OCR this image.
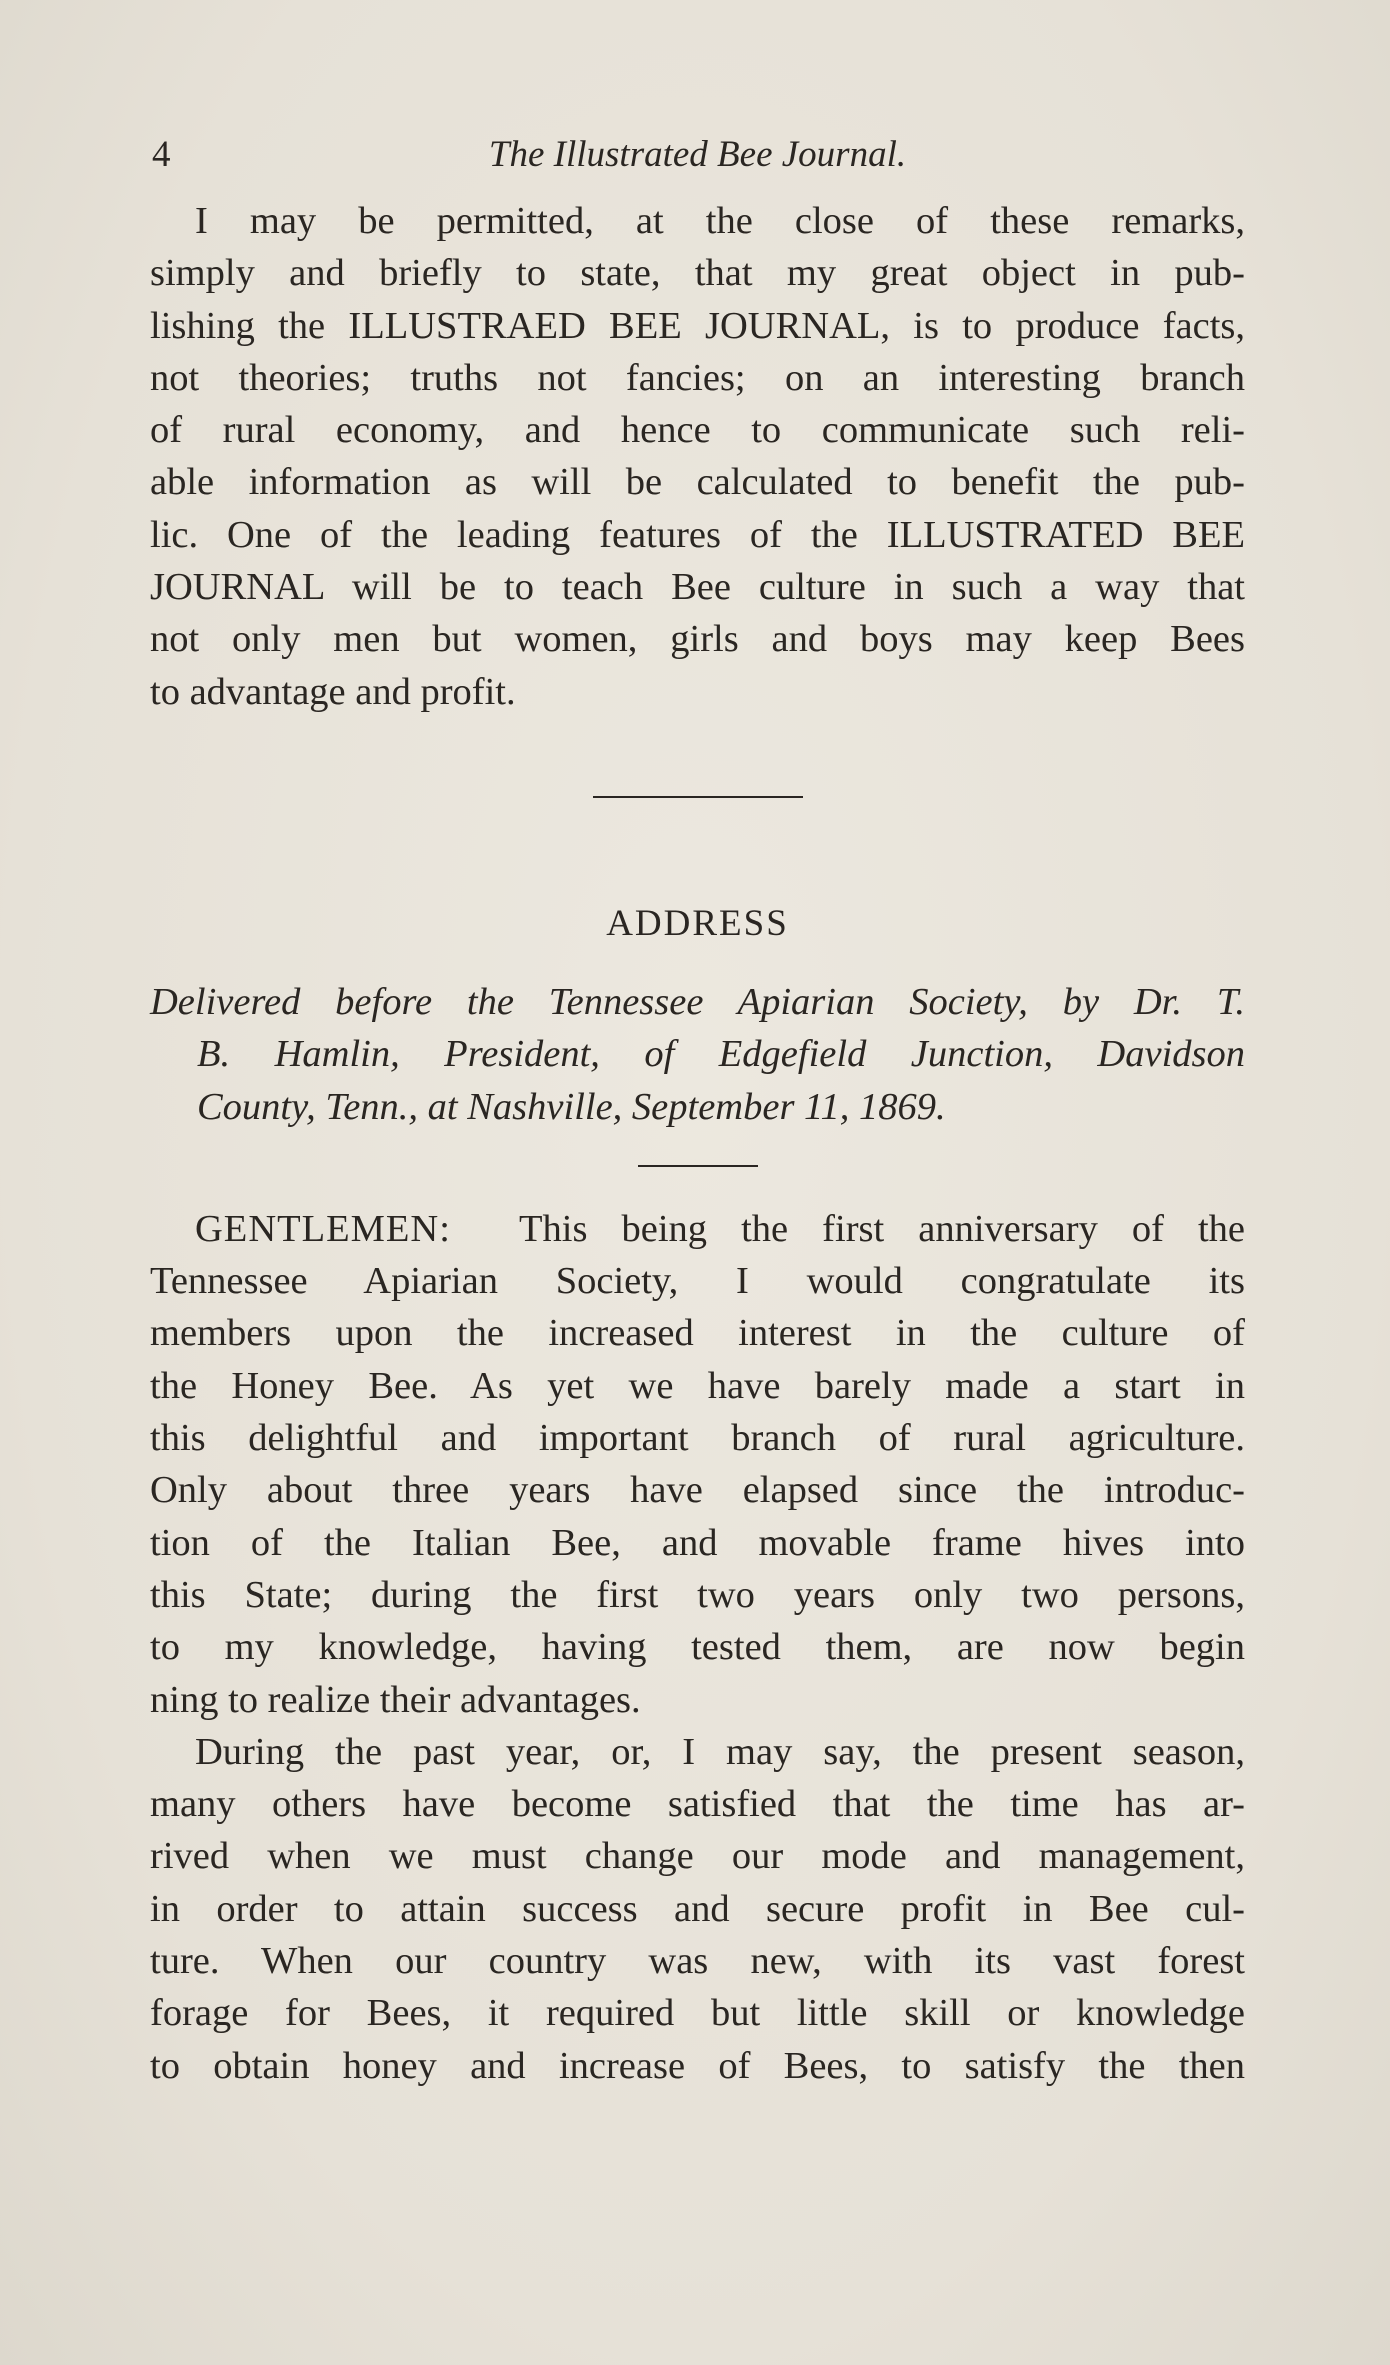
4	The Illustrated Bee Journal.
I may be permitted, at the close of these remarks,
simply and briefly to state, that my great object in pub-
lishing the ILLUSTRAED BEE JOURNAL, is to produce facts,
not theories; truths not fancies; on an interesting branch
of rural economy, and hence to communicate such reli-
able information as will be calculated to benefit the pub-
lic. One of the leading features of the ILLUSTRATED BEE
JOURNAL will be to teach Bee culture in such a way that
not only men but women, girls and boys may keep Bees
to advantage and profit.
ADDRESS
Delivered before the Tennessee Apiarian Society, by Dr. T.
B. Hamlin, President, of Edgefield Junction, Davidson
County, Tenn., at Nashville, September 11, 1869.
GENTLEMEN: This being the first anniversary of the
Tennessee Apiarian Society, I would congratulate its
members upon the increased interest in the culture of
the Honey Bee. As yet we have barely made a start in
this delightful and important branch of rural agriculture.
Only about three years have elapsed since the introduc-
tion of the Italian Bee, and movable frame hives into
this State; during the first two years only two persons,
to my knowledge, having tested them, are now begin
ning to realize their advantages.
During the past year, or, I may say, the present season,
many others have become satisfied that the time has ar-
rived when we must change our mode and management,
in order to attain success and secure profit in Bee cul-
ture. When our country was new, with its vast forest
forage for Bees, it required but little skill or knowledge
to obtain honey and increase of Bees, to satisfy the then
